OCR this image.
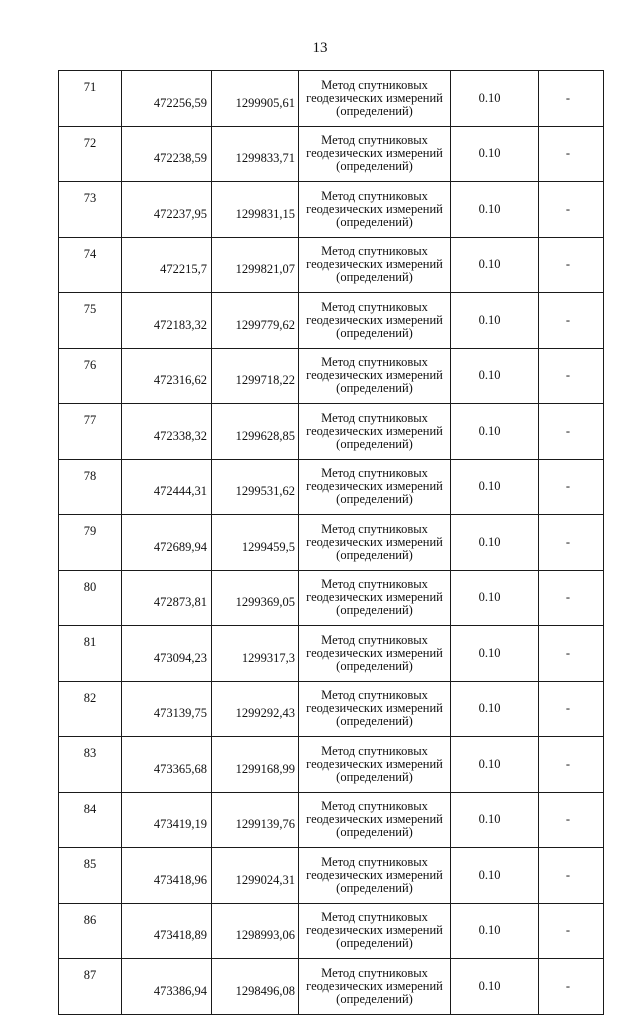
13
71	472256,59	1299905,61	Метод спутниковых
геодезических измерений
(определений)	0.10	-
72	472238,59	1299833,71	Метод спутниковых
геодезических измерений
(определений)	0.10	-
73	472237,95	1299831,15	Метод спутниковых
геодезических измерений
(определений)	0.10	-
74	472215,7	1299821,07	Метод спутниковых
геодезических измерений
(определений)	0.10	-
75	472183,32	1299779,62	Метод спутниковых
геодезических измерений
(определений)	0.10	-
76	472316,62	1299718,22	Метод спутниковых
геодезических измерений
(определений)	0.10	-
77	472338,32	1299628,85	Метод спутниковых
геодезических измерений
(определений)	0.10	-
78	472444,31	1299531,62	Метод спутниковых
геодезических измерений
(определений)	0.10	-
79	472689,94	1299459,5	Метод спутниковых
геодезических измерений
(определений)	0.10	-
80	472873,81	1299369,05	Метод спутниковых
геодезических измерений
(определений)	0.10	-
81	473094,23	1299317,3	Метод спутниковых
геодезических измерений
(определений)	0.10	-
82	473139,75	1299292,43	Метод спутниковых
геодезических измерений
(определений)	0.10	-
83	473365,68	1299168,99	Метод спутниковых
геодезических измерений
(определений)	0.10	-
84	473419,19	1299139,76	Метод спутниковых
геодезических измерений
(определений)	0.10	-
85	473418,96	1299024,31	Метод спутниковых
геодезических измерений
(определений)	0.10	-
86	473418,89	1298993,06	Метод спутниковых
геодезических измерений
(определений)	0.10	-
87	473386,94	1298496,08	Метод спутниковых
геодезических измерений
(определений)	0.10	-
